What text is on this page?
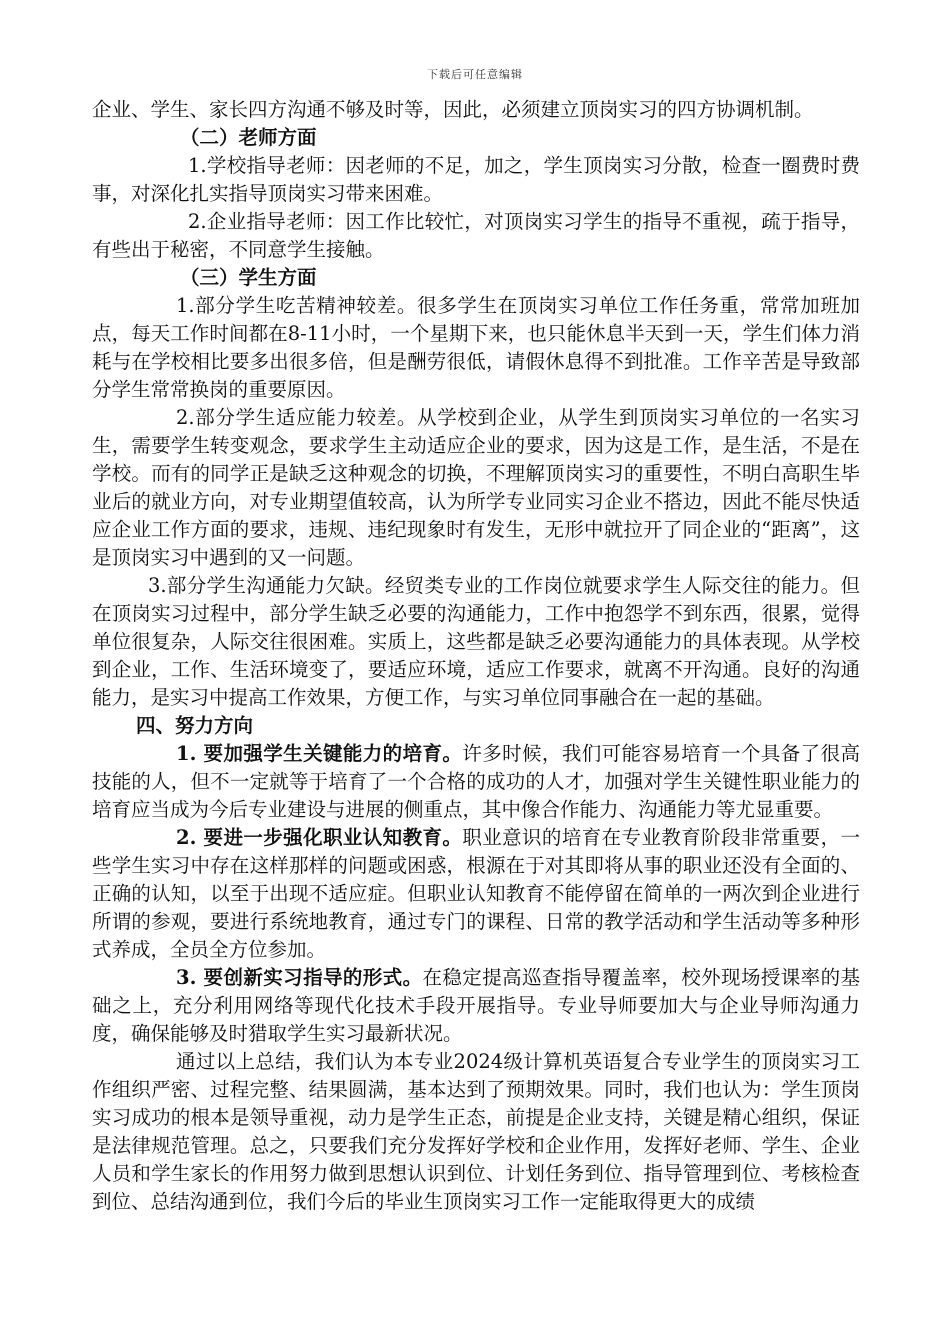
下载后可任意编辑

企业、学生、家长四方沟通不够及时等，因此，必须建立顶岗实习的四方协调机制。

（二）老师方面

1.学校指导老师：因老师的不足，加之，学生顶岗实习分散，检查一圈费时费事，对深化扎实指导顶岗实习带来困难。

2.企业指导老师：因工作比较忙，对顶岗实习学生的指导不重视，疏于指导，有些出于秘密，不同意学生接触。

（三）学生方面

1.部分学生吃苦精神较差。很多学生在顶岗实习单位工作任务重，常常加班加点，每天工作时间都在8-11小时，一个星期下来，也只能休息半天到一天，学生们体力消耗与在学校相比要多出很多倍，但是酬劳很低，请假休息得不到批准。工作辛苦是导致部分学生常常换岗的重要原因。

2.部分学生适应能力较差。从学校到企业，从学生到顶岗实习单位的一名实习生，需要学生转变观念，要求学生主动适应企业的要求，因为这是工作，是生活，不是在学校。而有的同学正是缺乏这种观念的切换，不理解顶岗实习的重要性，不明白高职生毕业后的就业方向，对专业期望值较高，认为所学专业同实习企业不搭边，因此不能尽快适应企业工作方面的要求，违规、违纪现象时有发生，无形中就拉开了同企业的“距离”，这是顶岗实习中遇到的又一问题。

3.部分学生沟通能力欠缺。经贸类专业的工作岗位就要求学生人际交往的能力。但在顶岗实习过程中，部分学生缺乏必要的沟通能力，工作中抱怨学不到东西，很累，觉得单位很复杂，人际交往很困难。实质上，这些都是缺乏必要沟通能力的具体表现。从学校到企业，工作、生活环境变了，要适应环境，适应工作要求，就离不开沟通。良好的沟通能力，是实习中提高工作效果，方便工作，与实习单位同事融合在一起的基础。

四、努力方向

1. 要加强学生关键能力的培育。许多时候，我们可能容易培育一个具备了很高技能的人，但不一定就等于培育了一个合格的成功的人才，加强对学生关键性职业能力的培育应当成为今后专业建设与进展的侧重点，其中像合作能力、沟通能力等尤显重要。

2. 要进一步强化职业认知教育。职业意识的培育在专业教育阶段非常重要，一些学生实习中存在这样那样的问题或困惑，根源在于对其即将从事的职业还没有全面的、正确的认知，以至于出现不适应症。但职业认知教育不能停留在简单的一两次到企业进行所谓的参观，要进行系统地教育，通过专门的课程、日常的教学活动和学生活动等多种形式养成，全员全方位参加。

3. 要创新实习指导的形式。在稳定提高巡查指导覆盖率，校外现场授课率的基础之上，充分利用网络等现代化技术手段开展指导。专业导师要加大与企业导师沟通力度，确保能够及时猎取学生实习最新状况。

通过以上总结，我们认为本专业2024级计算机英语复合专业学生的顶岗实习工作组织严密、过程完整、结果圆满，基本达到了预期效果。同时，我们也认为：学生顶岗实习成功的根本是领导重视，动力是学生正态，前提是企业支持，关键是精心组织，保证是法律规范管理。总之，只要我们充分发挥好学校和企业作用，发挥好老师、学生、企业人员和学生家长的作用努力做到思想认识到位、计划任务到位、指导管理到位、考核检查到位、总结沟通到位，我们今后的毕业生顶岗实习工作一定能取得更大的成绩
